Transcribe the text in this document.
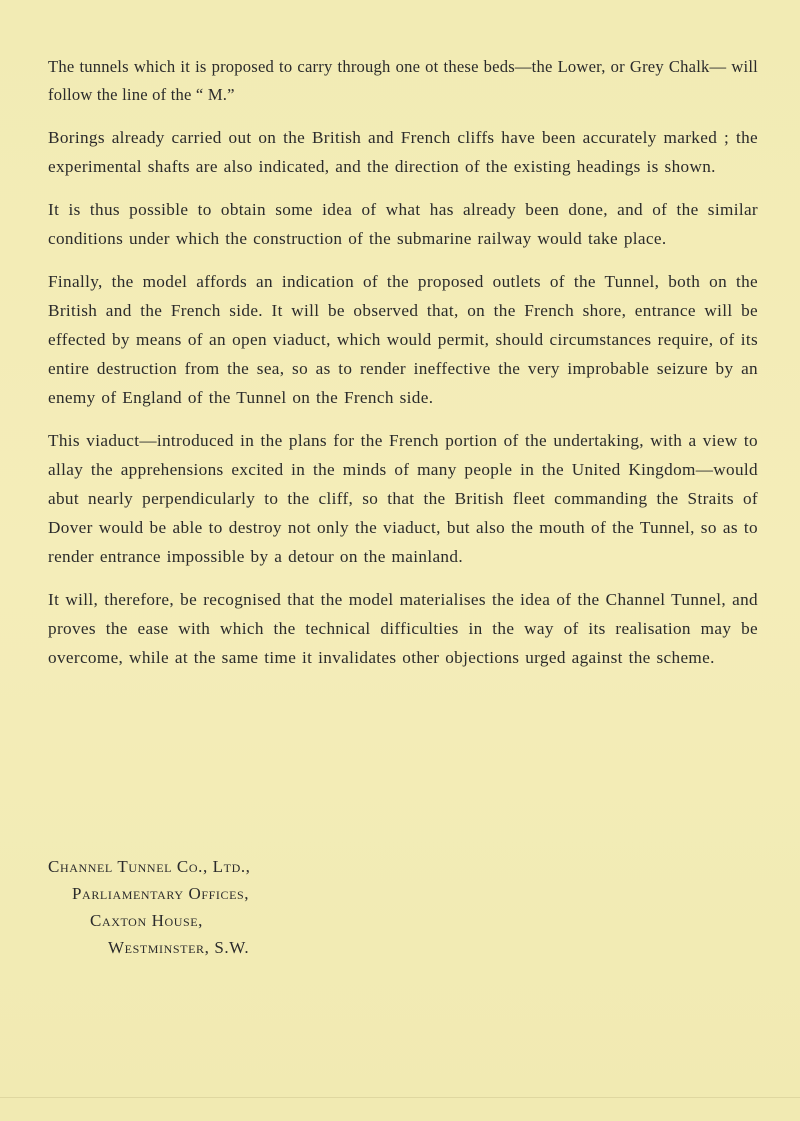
The tunnels which it is proposed to carry through one ot these beds—the Lower, or Grey Chalk— will follow the line of the “ M.”

Borings already carried out on the British and French cliffs have been accurately marked ; the experimental shafts are also indicated, and the direction of the existing headings is shown.

It is thus possible to obtain some idea of what has already been done, and of the similar conditions under which the construction of the submarine railway would take place.

Finally, the model affords an indication of the proposed outlets of the Tunnel, both on the British and the French side. It will be observed that, on the French shore, entrance will be effected by means of an open viaduct, which would permit, should circumstances require, of its entire destruction from the sea, so as to render ineffective the very improbable seizure by an enemy of England of the Tunnel on the French side.

This viaduct—introduced in the plans for the French portion of the undertaking, with a view to allay the apprehensions excited in the minds of many people in the United Kingdom—would abut nearly perpendicularly to the cliff, so that the British fleet commanding the Straits of Dover would be able to destroy not only the viaduct, but also the mouth of the Tunnel, so as to render entrance impossible by a detour on the mainland.

It will, therefore, be recognised that the model materialises the idea of the Channel Tunnel, and proves the ease with which the technical difficulties in the way of its realisation may be overcome, while at the same time it invalidates other objections urged against the scheme.

Channel Tunnel Co., Ltd.,
Parliamentary Offices,
Caxton House,
Westminster, S.W.
